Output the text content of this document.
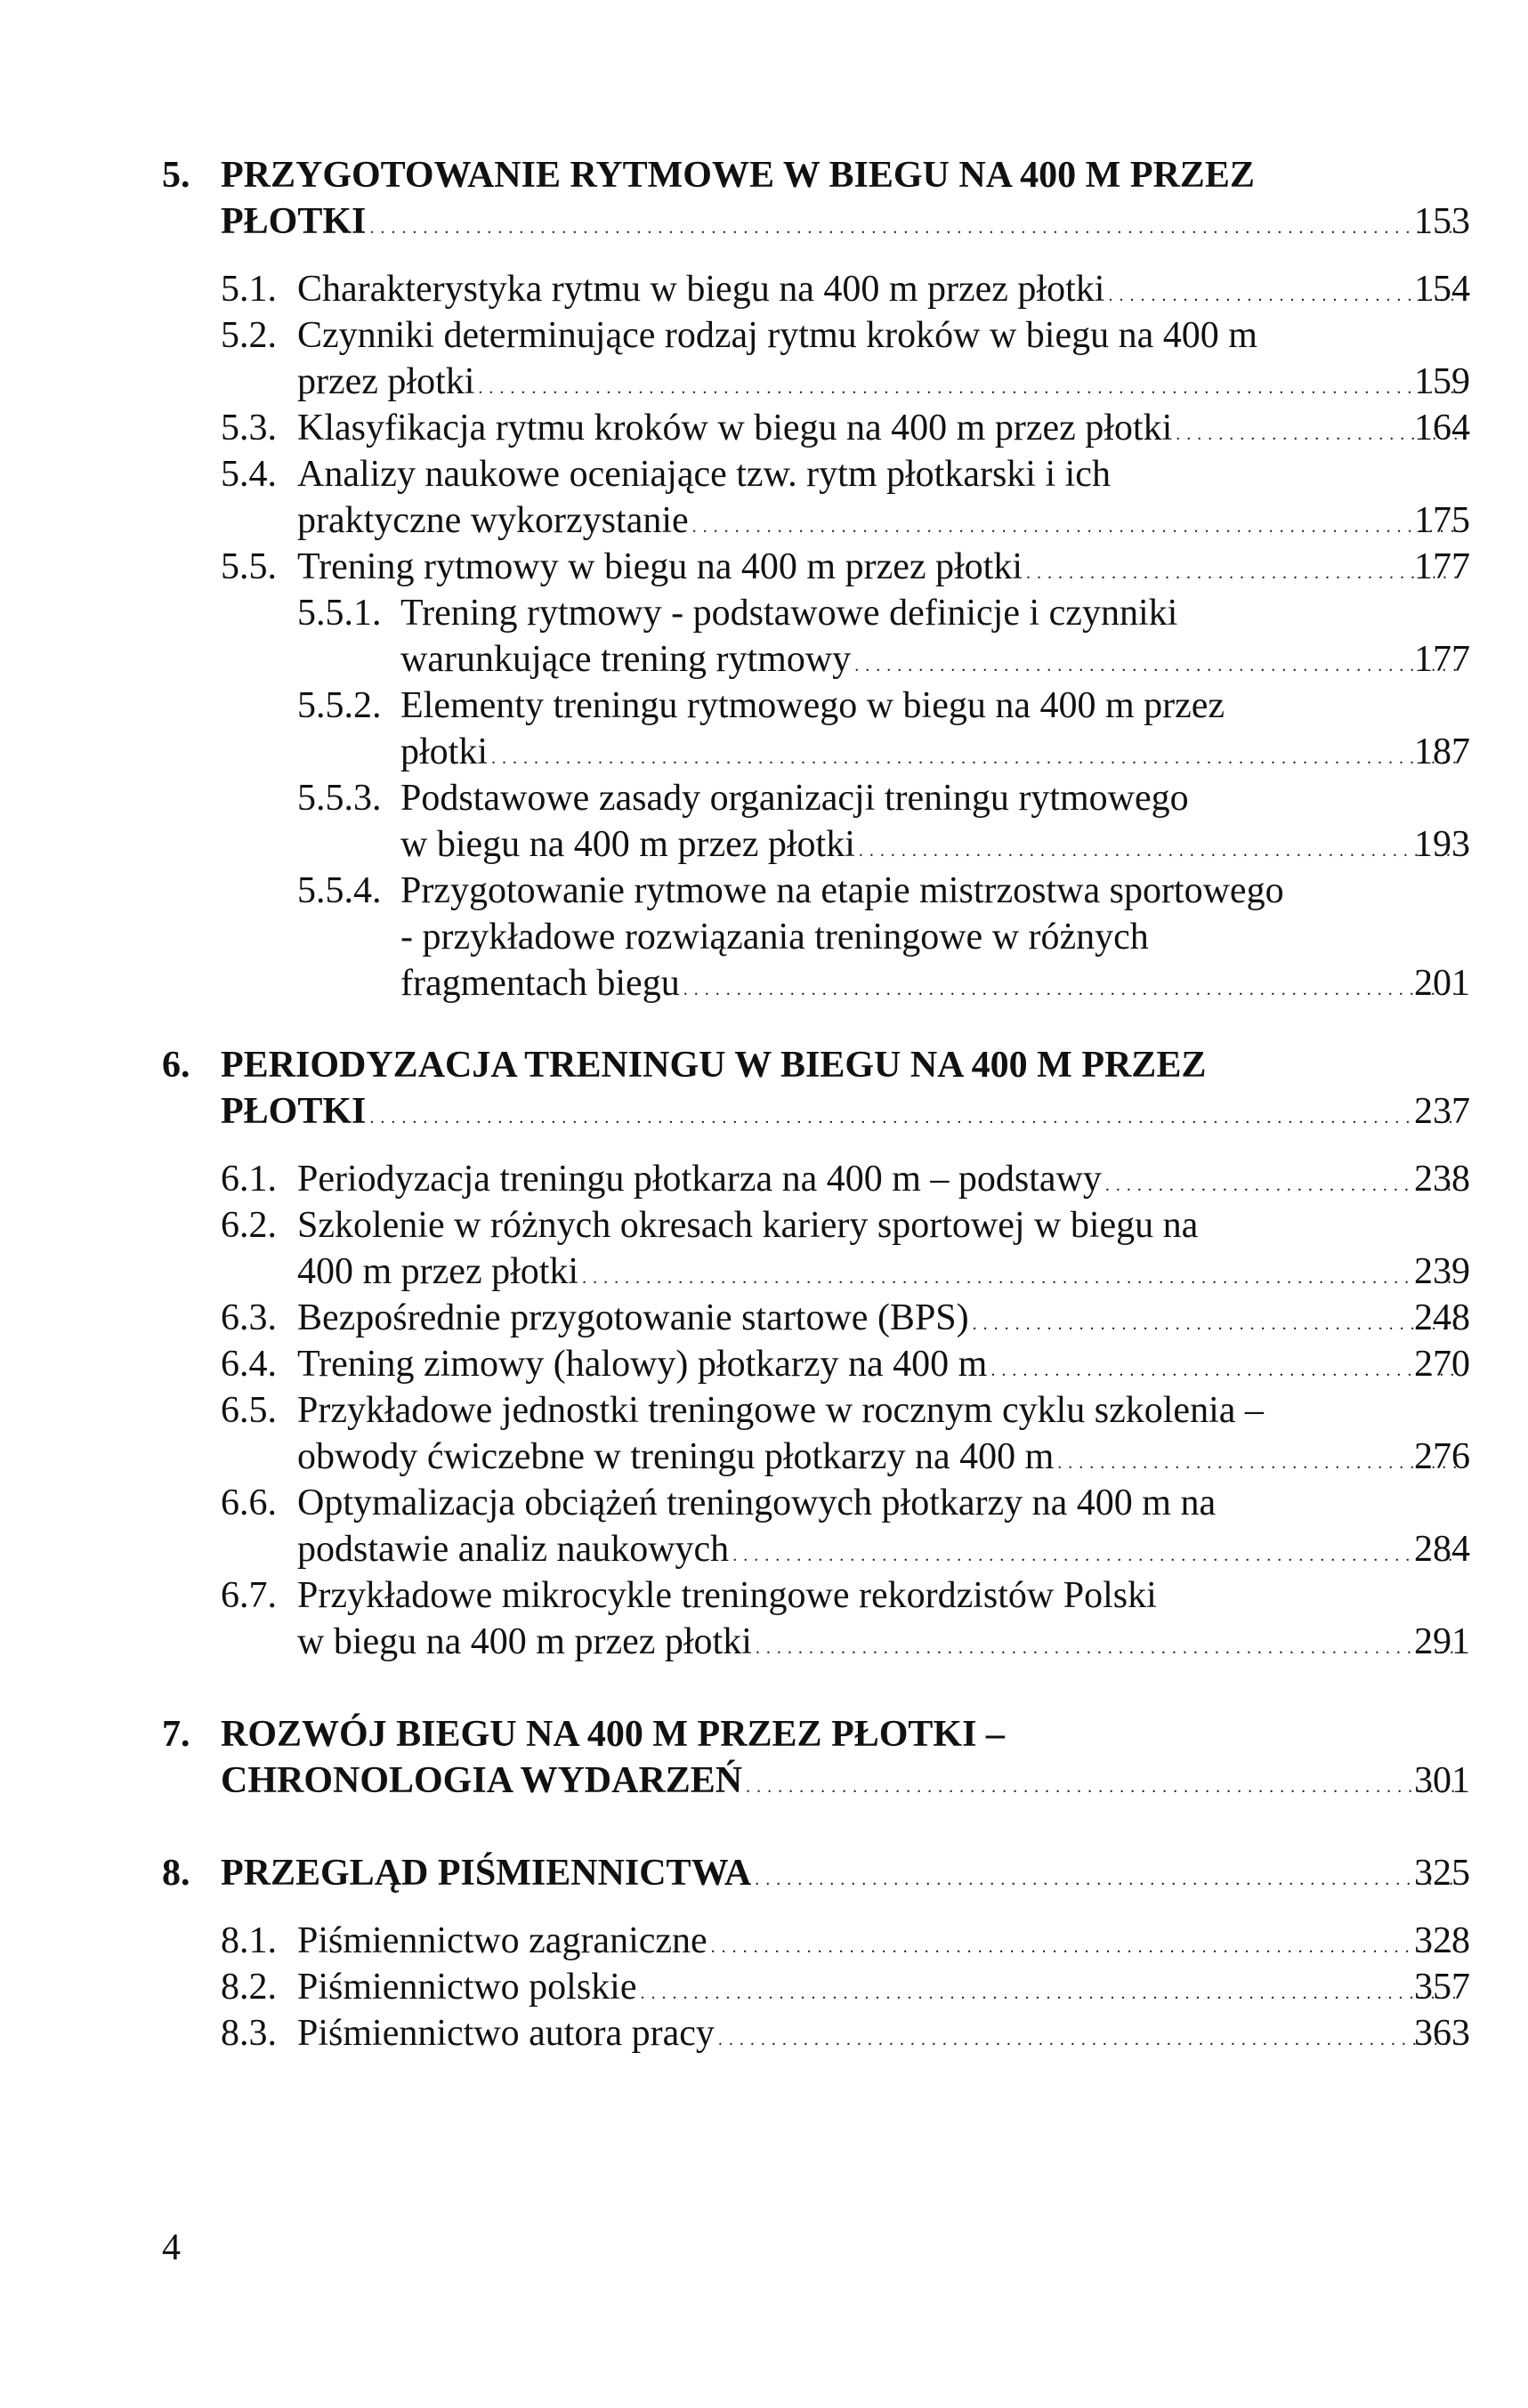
5. PRZYGOTOWANIE RYTMOWE W BIEGU NA 400 M PRZEZ
PŁOTKI . . .	153
5.1. Charakterystyka rytmu w biegu na 400 m przez płotki . . .	154
5.2. Czynniki determinujące rodzaj rytmu kroków w biegu na 400 m
przez płotki . . .	159
5.3. Klasyfikacja rytmu kroków w biegu na 400 m przez płotki . . .	164
5.4. Analizy naukowe oceniające tzw. rytm płotkarski i ich
praktyczne wykorzystanie . . .	175
5.5. Trening rytmowy w biegu na 400 m przez płotki . . .	177
5.5.1. Trening rytmowy - podstawowe definicje i czynniki
warunkujące trening rytmowy . . .	177
5.5.2. Elementy treningu rytmowego w biegu na 400 m przez
płotki . . .	187
5.5.3. Podstawowe zasady organizacji treningu rytmowego
w biegu na 400 m przez płotki . . .	193
5.5.4. Przygotowanie rytmowe na etapie mistrzostwa sportowego
- przykładowe rozwiązania treningowe w różnych
fragmentach biegu . . .	201
6. PERIODYZACJA TRENINGU W BIEGU NA 400 M PRZEZ
PŁOTKI . . .	237
6.1. Periodyzacja treningu płotkarza na 400 m – podstawy . . .	238
6.2. Szkolenie w różnych okresach kariery sportowej w biegu na
400 m przez płotki . . .	239
6.3. Bezpośrednie przygotowanie startowe (BPS) . . .	248
6.4. Trening zimowy (halowy) płotkarzy na 400 m . . .	270
6.5. Przykładowe jednostki treningowe w rocznym cyklu szkolenia –
obwody ćwiczebne w treningu płotkarzy na 400 m . . .	276
6.6. Optymalizacja obciążeń treningowych płotkarzy na 400 m na
podstawie analiz naukowych . . .	284
6.7. Przykładowe mikrocykle treningowe rekordzistów Polski
w biegu na 400 m przez płotki . . .	291
7. ROZWÓJ BIEGU NA 400 M PRZEZ PŁOTKI –
CHRONOLOGIA WYDARZEŃ . . .	301
8. PRZEGLĄD PIŚMIENNICTWA . . .	325
8.1. Piśmiennictwo zagraniczne . . .	328
8.2. Piśmiennictwo polskie . . .	357
8.3. Piśmiennictwo autora pracy . . .	363
4
